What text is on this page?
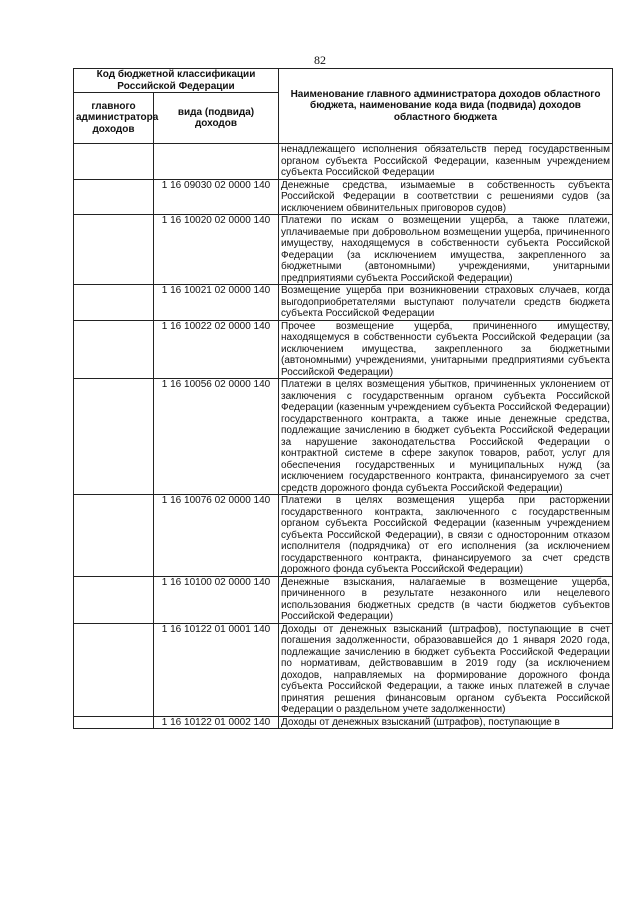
82
Код бюджетной классификации Российской Федерации		Наименование главного администратора доходов областного бюджета, наименование кода вида (подвида) доходов областного бюджета
главного администратора доходов	вида (подвида) доходов	
		ненадлежащего исполнения обязательств перед государственным органом субъекта Российской Федерации, казенным учреждением субъекта Российской Федерации
	1 16 09030 02 0000 140	Денежные средства, изымаемые в собственность субъекта Российской Федерации в соответствии с решениями судов (за исключением обвинительных приговоров судов)
	1 16 10020 02 0000 140	Платежи по искам о возмещении ущерба, а также платежи, уплачиваемые при добровольном возмещении ущерба, причиненного имуществу, находящемуся в собственности субъекта Российской Федерации (за исключением имущества, закрепленного за бюджетными (автономными) учреждениями, унитарными предприятиями субъекта Российской Федерации)
	1 16 10021 02 0000 140	Возмещение ущерба при возникновении страховых случаев, когда выгодоприобретателями выступают получатели средств бюджета субъекта Российской Федерации
	1 16 10022 02 0000 140	Прочее возмещение ущерба, причиненного имуществу, находящемуся в собственности субъекта Российской Федерации (за исключением имущества, закрепленного за бюджетными (автономными) учреждениями, унитарными предприятиями субъекта Российской Федерации)
	1 16 10056 02 0000 140	Платежи в целях возмещения убытков, причиненных уклонением от заключения с государственным органом субъекта Российской Федерации (казенным учреждением субъекта Российской Федерации) государственного контракта, а также иные денежные средства, подлежащие зачислению в бюджет субъекта Российской Федерации за нарушение законодательства Российской Федерации о контрактной системе в сфере закупок товаров, работ, услуг для обеспечения государственных и муниципальных нужд (за исключением государственного контракта, финансируемого за счет средств дорожного фонда субъекта Российской Федерации)
	1 16 10076 02 0000 140	Платежи в целях возмещения ущерба при расторжении государственного контракта, заключенного с государственным органом субъекта Российской Федерации (казенным учреждением субъекта Российской Федерации), в связи с односторонним отказом исполнителя (подрядчика) от его исполнения (за исключением государственного контракта, финансируемого за счет средств дорожного фонда субъекта Российской Федерации)
	1 16 10100 02 0000 140	Денежные взыскания, налагаемые в возмещение ущерба, причиненного в результате незаконного или нецелевого использования бюджетных средств (в части бюджетов субъектов Российской Федерации)
	1 16 10122 01 0001 140	Доходы от денежных взысканий (штрафов), поступающие в счет погашения задолженности, образовавшейся до 1 января 2020 года, подлежащие зачислению в бюджет субъекта Российской Федерации по нормативам, действовавшим в 2019 году (за исключением доходов, направляемых на формирование дорожного фонда субъекта Российской Федерации, а также иных платежей в случае принятия решения финансовым органом субъекта Российской Федерации о раздельном учете задолженности)
	1 16 10122 01 0002 140	Доходы от денежных взысканий (штрафов), поступающие в
